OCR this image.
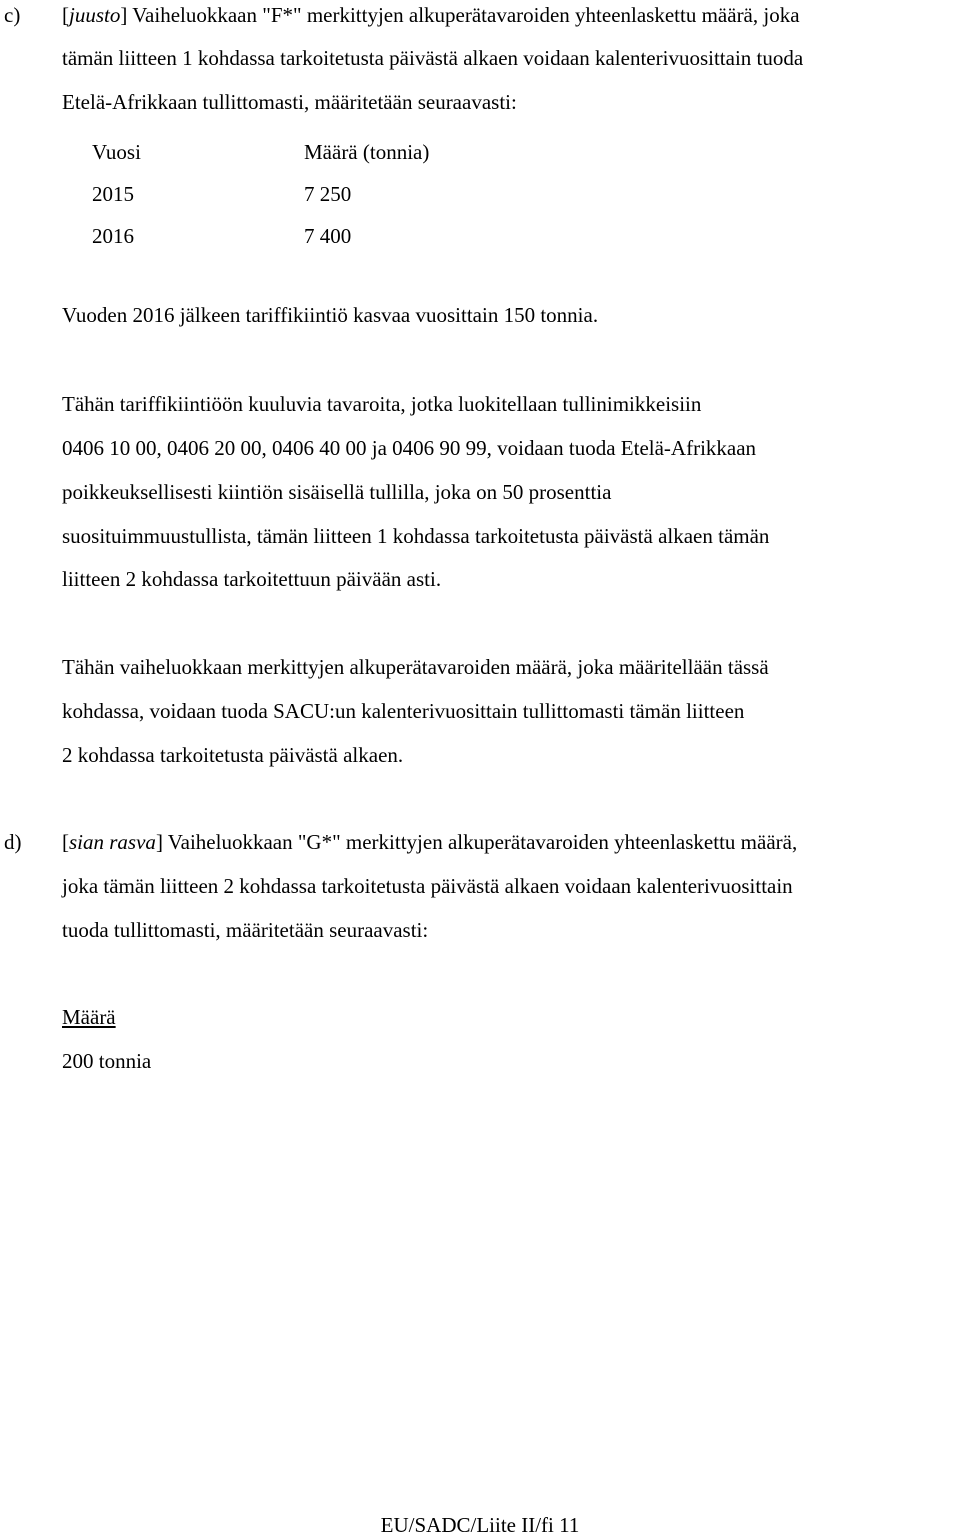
c) [juusto] Vaiheluokkaan "F*" merkittyjen alkuperätavaroiden yhteenlaskettu määrä, joka
tämän liitteen 1 kohdassa tarkoitetusta päivästä alkaen voidaan kalenterivuosittain tuoda
Etelä-Afrikkaan tullittomasti, määritetään seuraavasti:
Vuosi	Määrä (tonnia)
2015	7 250
2016	7 400
Vuoden 2016 jälkeen tariffikiintiö kasvaa vuosittain 150 tonnia.
Tähän tariffikiintiöön kuuluvia tavaroita, jotka luokitellaan tullinimikkeisiin
0406 10 00, 0406 20 00, 0406 40 00 ja 0406 90 99, voidaan tuoda Etelä-Afrikkaan
poikkeuksellisesti kiintiön sisäisellä tullilla, joka on 50 prosenttia
suosituimmuustullista, tämän liitteen 1 kohdassa tarkoitetusta päivästä alkaen tämän
liitteen 2 kohdassa tarkoitettuun päivään asti.
Tähän vaiheluokkaan merkittyjen alkuperätavaroiden määrä, joka määritellään tässä
kohdassa, voidaan tuoda SACU:un kalenterivuosittain tullittomasti tämän liitteen
2 kohdassa tarkoitetusta päivästä alkaen.
d) [sian rasva] Vaiheluokkaan "G*" merkittyjen alkuperätavaroiden yhteenlaskettu määrä,
joka tämän liitteen 2 kohdassa tarkoitetusta päivästä alkaen voidaan kalenterivuosittain
tuoda tullittomasti, määritetään seuraavasti:
Määrä
200 tonnia
EU/SADC/Liite II/fi 11
